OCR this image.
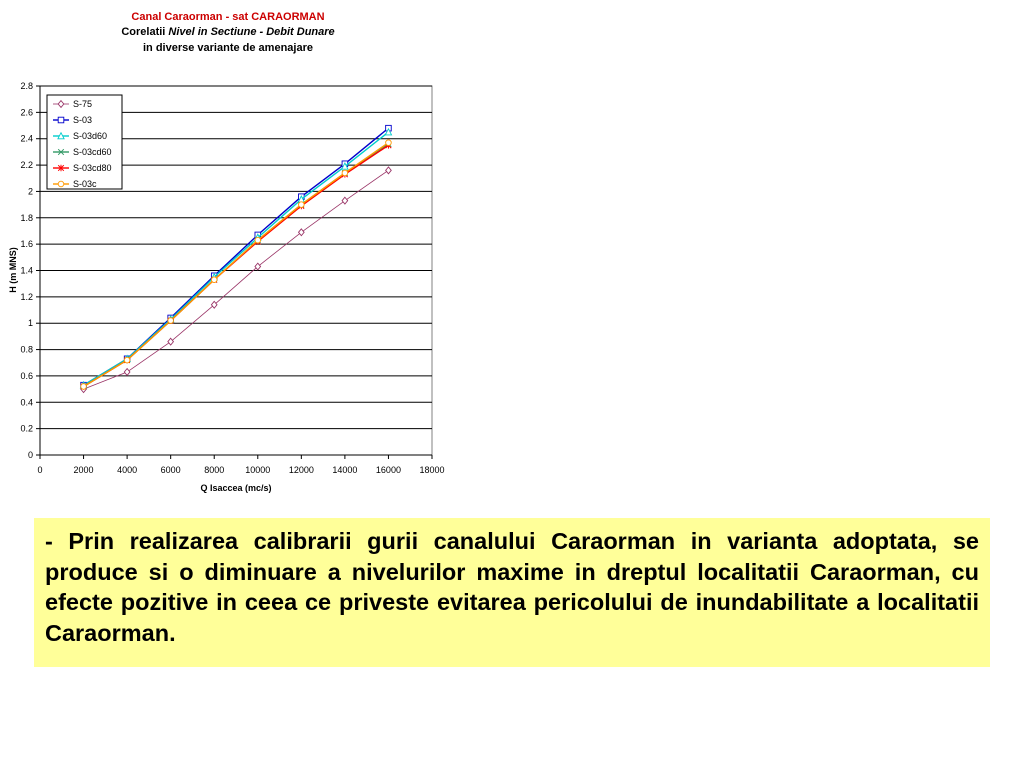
Canal Caraorman - sat CARAORMAN
Corelatii Nivel in Sectiune - Debit Dunare
in diverse variante de amenajare
0
0.2
0.4
0.6
0.8
1
1.2
1.4
1.6
1.8
2
2.2
2.4
2.6
2.8
0	2000	4000	6000	8000 10000 12000 14000 16000 18000
S-75
S-03
S-03d60
S-03cd60
S-03cd80
S-03c
Q Isaccea (mc/s)
H (m MNS)

- Prin realizarea calibrarii gurii canalului Caraorman in varianta adoptata, se produce si o diminuare a nivelurilor maxime in dreptul localitatii Caraorman, cu efecte pozitive in ceea ce priveste evitarea pericolului de inundabilitate a localitatii Caraorman.
